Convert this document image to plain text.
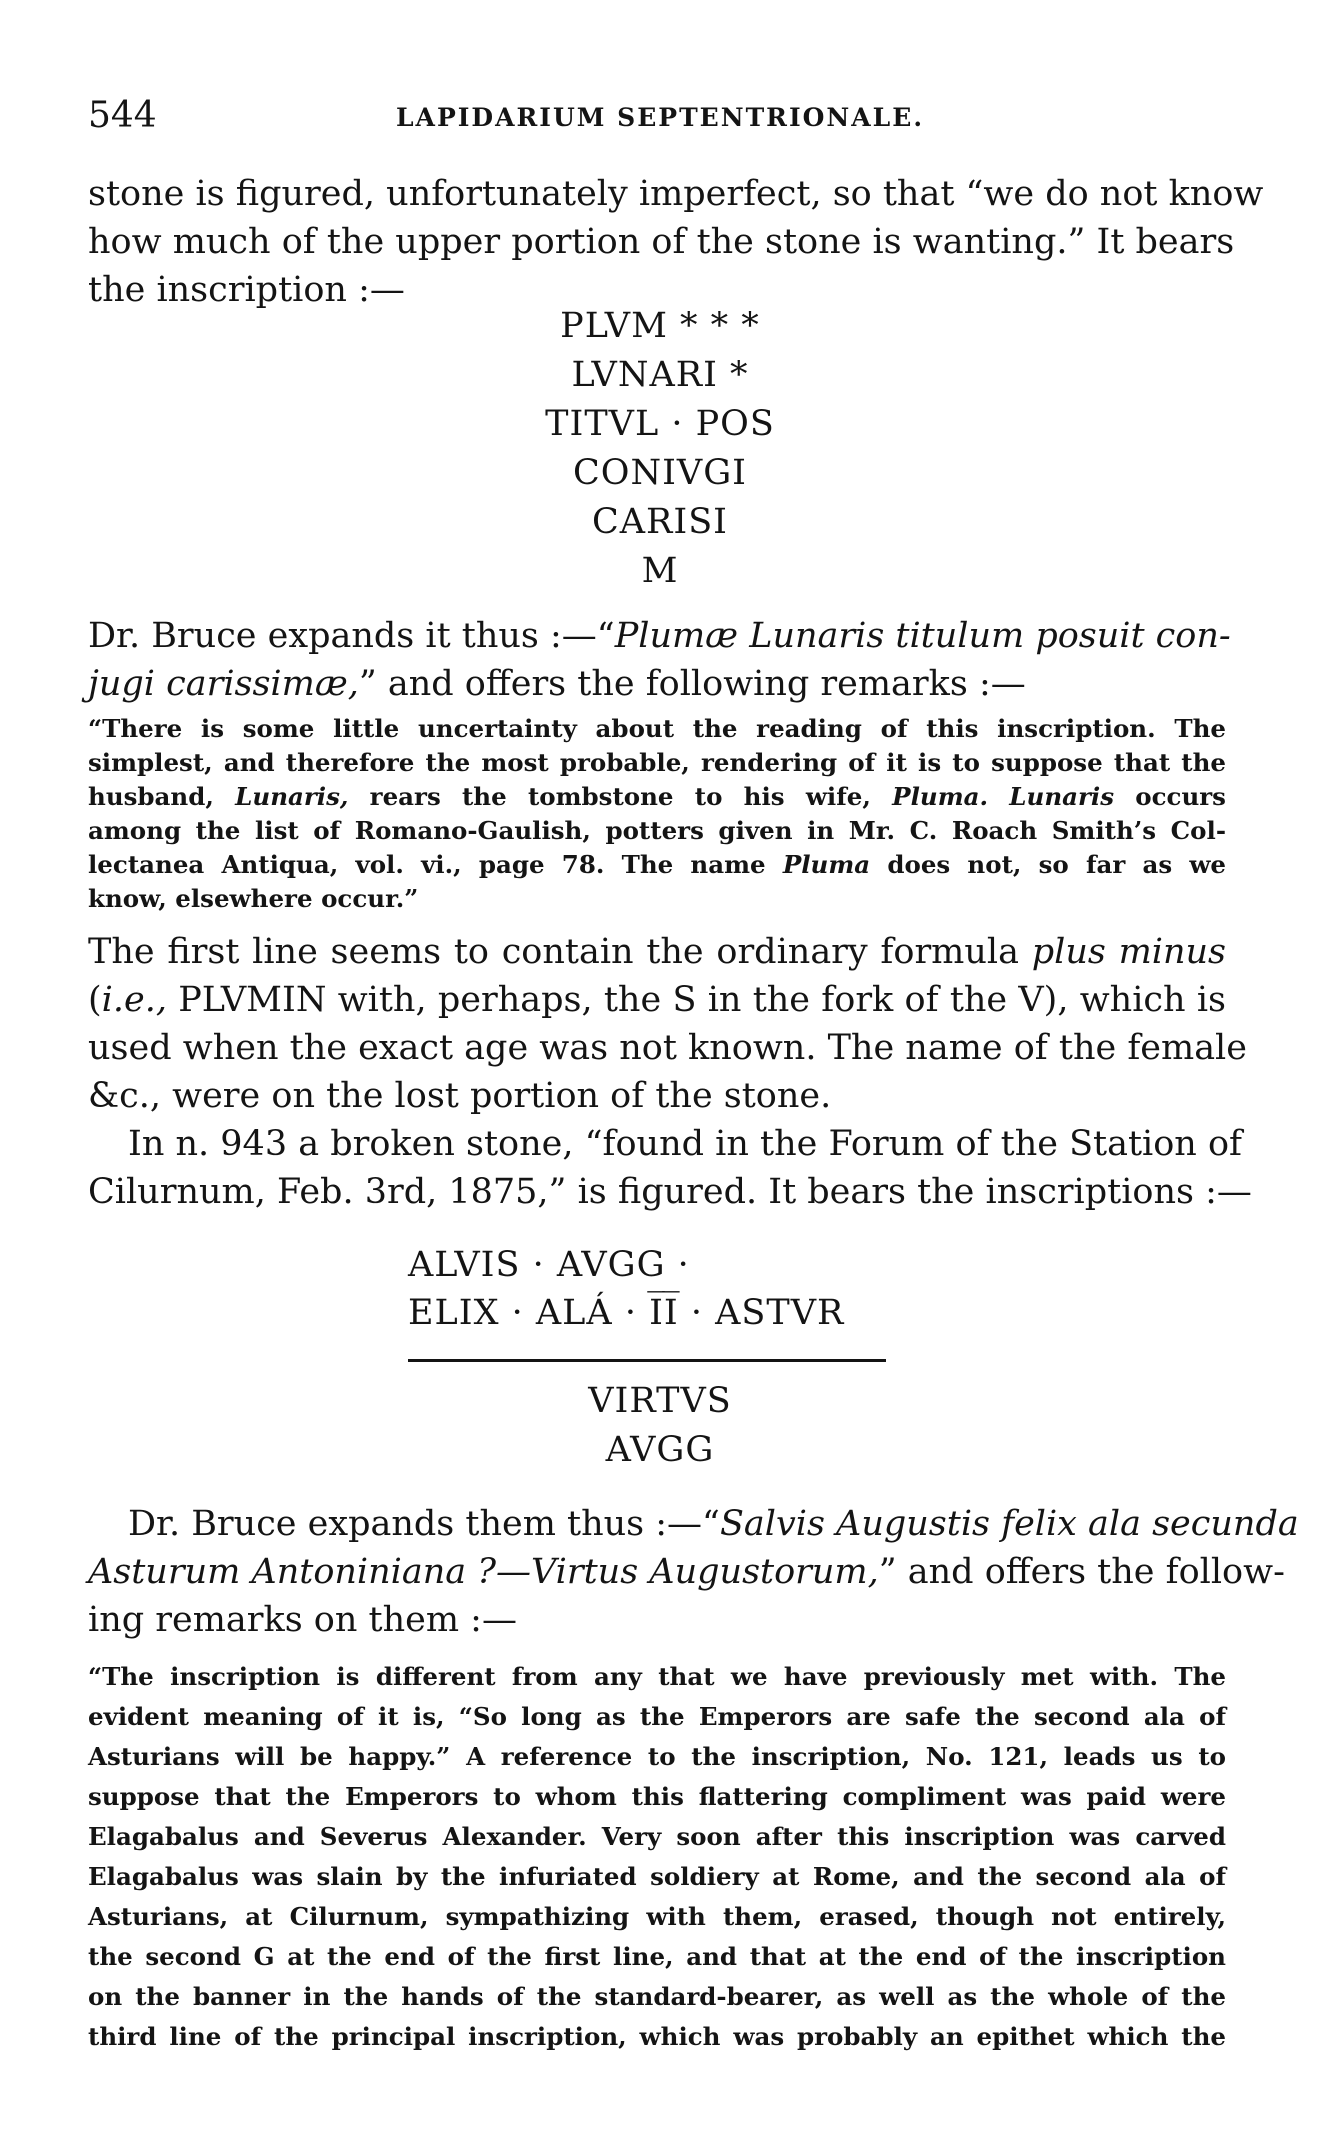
544	LAPIDARIUM SEPTENTRIONALE.

stone is figured, unfortunately imperfect, so that “we do not know

how much of the upper portion of the stone is wanting.” It bears

the inscription :—

PLVM * * *
LVNARI *
TITVL · POS
CONIVGI
CARISI
M

Dr. Bruce expands it thus :—“Plumæ Lunaris titulum posuit con-

jugi carissimæ,” and offers the following remarks :—

“There is some little uncertainty about the reading of this inscription. The

simplest, and therefore the most probable, rendering of it is to suppose that the

husband, Lunaris, rears the tombstone to his wife, Pluma. Lunaris occurs

among the list of Romano-Gaulish, potters given in Mr. C. Roach Smith’s Col-

lectanea Antiqua, vol. vi., page 78. The name Pluma does not, so far as we

know, elsewhere occur.”

The first line seems to contain the ordinary formula plus minus

(i.e., PLVMIN with, perhaps, the S in the fork of the V), which is

used when the exact age was not known. The name of the female

&c., were on the lost portion of the stone.

In n. 943 a broken stone, “found in the Forum of the Station of

Cilurnum, Feb. 3rd, 1875,” is figured. It bears the inscriptions :—

ALVIS · AVGG ·
ELIX · ALÁ · I̅I̅ · ASTVR
VIRTVS
AVGG

Dr. Bruce expands them thus :—“Salvis Augustis felix ala secunda

Asturum Antoniniana ?—Virtus Augustorum,” and offers the follow-

ing remarks on them :—

“The inscription is different from any that we have previously met with. The

evident meaning of it is, “So long as the Emperors are safe the second ala of

Asturians will be happy.” A reference to the inscription, No. 121, leads us to

suppose that the Emperors to whom this flattering compliment was paid were

Elagabalus and Severus Alexander. Very soon after this inscription was carved

Elagabalus was slain by the infuriated soldiery at Rome, and the second ala of

Asturians, at Cilurnum, sympathizing with them, erased, though not entirely,

the second G at the end of the first line, and that at the end of the inscription

on the banner in the hands of the standard-bearer, as well as the whole of the

third line of the principal inscription, which was probably an epithet which the
